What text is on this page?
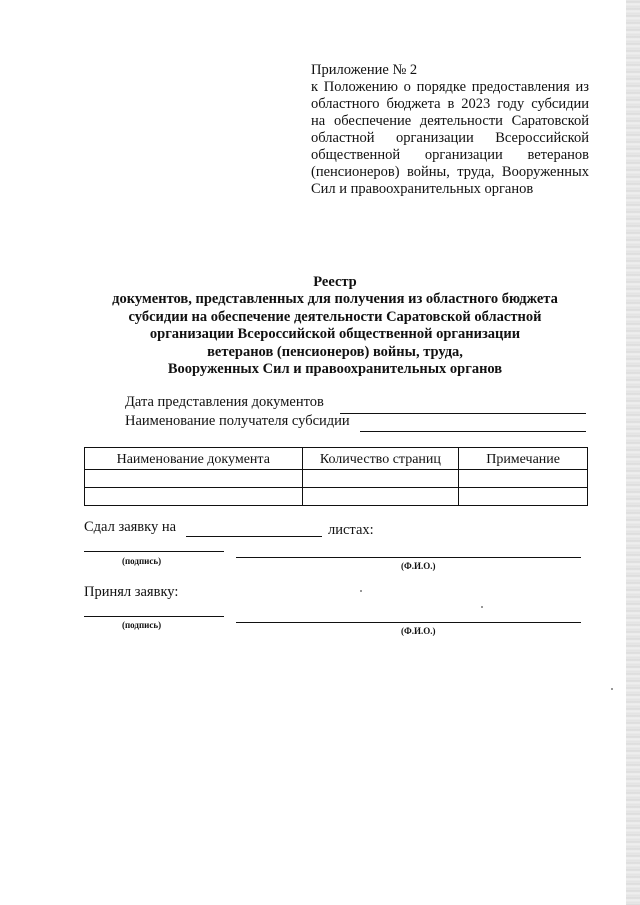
Приложение № 2
к Положению о порядке предоставления из областного бюджета в 2023 году субсидии на обеспечение деятельности Саратовской областной организации Всероссийской общественной организации ветеранов (пенсионеров) войны, труда, Вооруженных Сил и правоохранительных органов
Реестр
документов, представленных для получения из областного бюджета
субсидии на обеспечение деятельности Саратовской областной
организации Всероссийской общественной организации
ветеранов (пенсионеров) войны, труда,
Вооруженных Сил и правоохранительных органов
Дата представления документов
Наименование получателя субсидии
Наименование документа	Количество страниц	Примечание

Сдал заявку на	листах:
(подпись)	(Ф.И.О.)
Принял заявку:
(подпись)
(Ф.И.О.)
